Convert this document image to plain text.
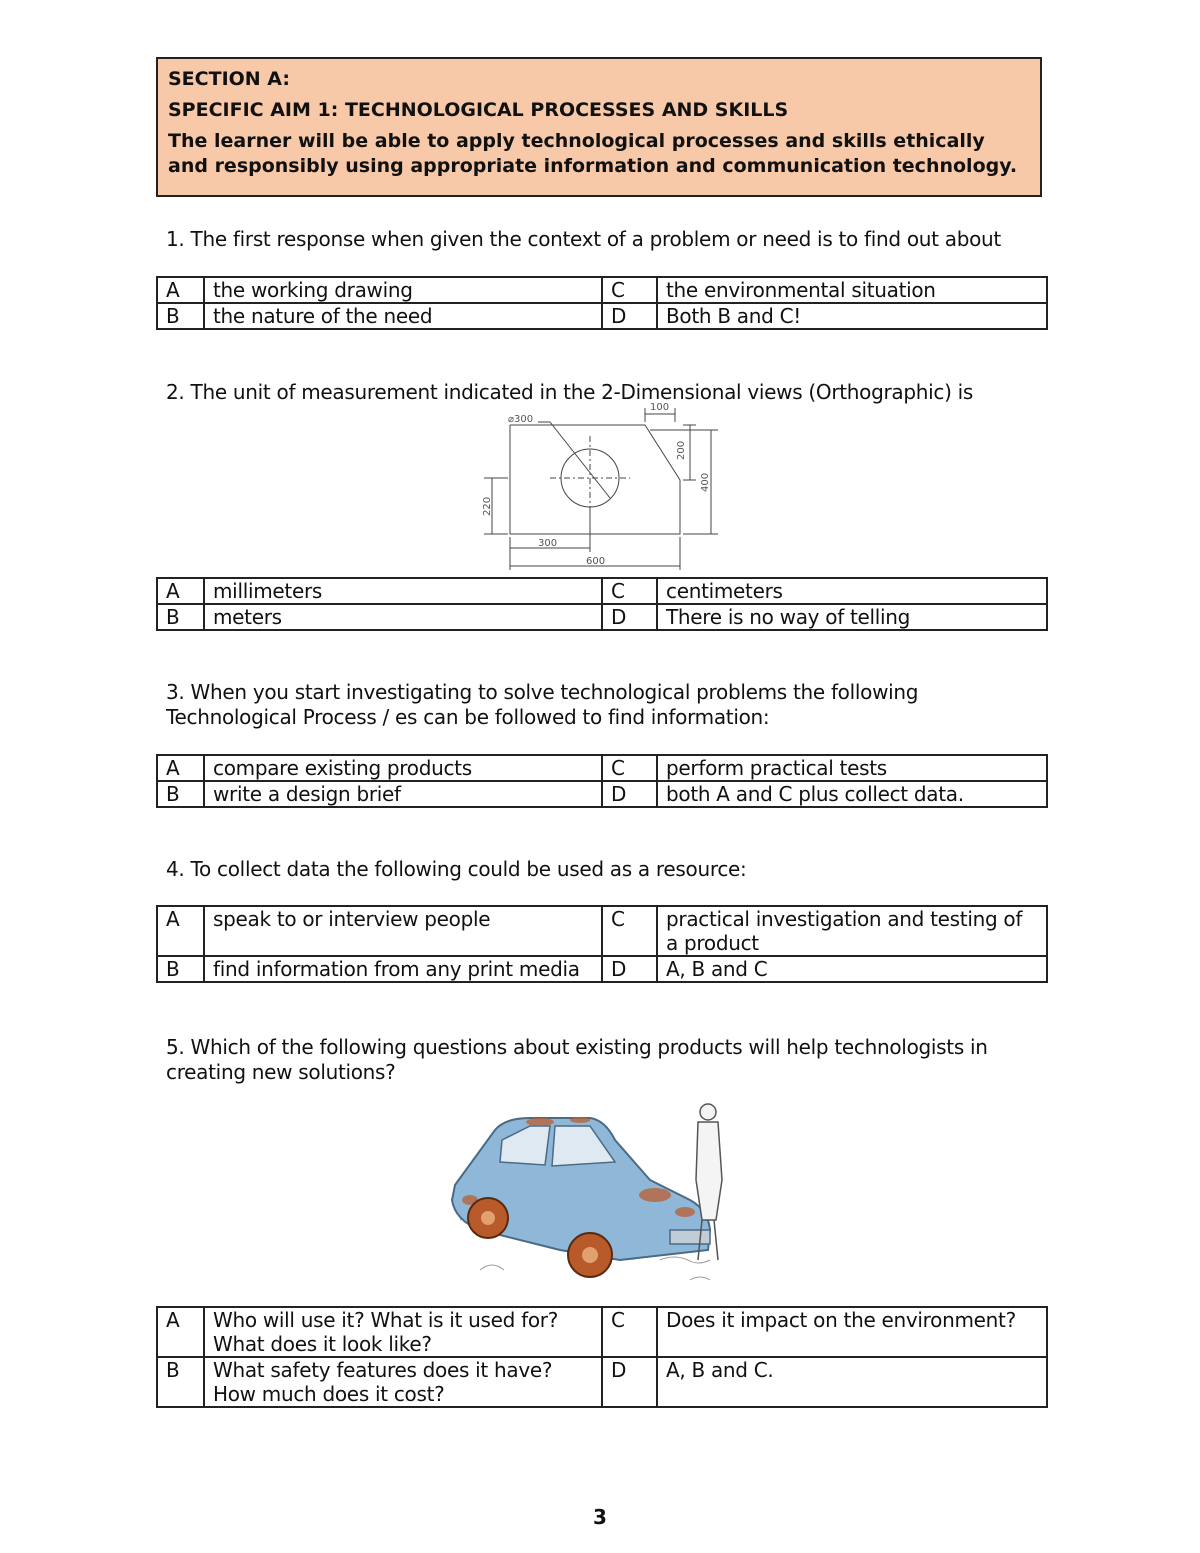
SECTION A:
SPECIFIC AIM 1: TECHNOLOGICAL PROCESSES AND SKILLS
The learner will be able to apply technological processes and skills ethically and responsibly using appropriate information and communication technology.
1. The first response when given the context of a problem or need is to find out about
A	the working drawing	C	the environmental situation
B	the nature of the need	D	Both B and C!
2. The unit of measurement indicated in the 2-Dimensional views (Orthographic) is
⌀300
100
200
400
220
300
600
A	millimeters	C	centimeters
B	meters	D	There is no way of telling
3. When you start investigating to solve technological problems the following
Technological Process / es can be followed to find information:
A	compare existing products	C	perform practical tests
B	write a design brief	D	both A and C plus collect data.
4. To collect data the following could be used as a resource:
A	speak to or interview people	C	practical investigation and testing of a product
B	find information from any print media	D	A, B and C
5. Which of the following questions about existing products will help technologists in
creating new solutions?
A	Who will use it? What is it used for?
What does it look like?	C	Does it impact on the environment?

B	What safety features does it have?
How much does it cost?	D	A, B and C.
3
